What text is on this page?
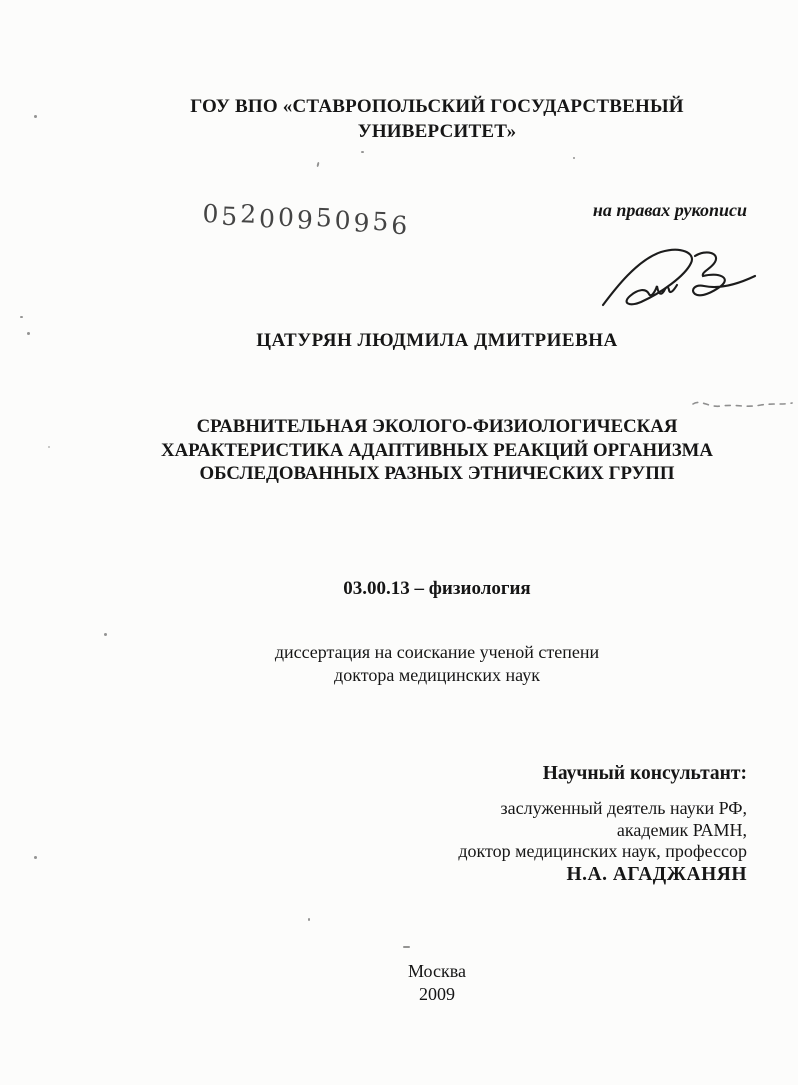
ГОУ ВПО «СТАВРОПОЛЬСКИЙ ГОСУДАРСТВЕНЫЙ
УНИВЕРСИТЕТ»
05200950956
на правах рукописи
ЦАТУРЯН ЛЮДМИЛА ДМИТРИЕВНА
СРАВНИТЕЛЬНАЯ ЭКОЛОГО-ФИЗИОЛОГИЧЕСКАЯ
ХАРАКТЕРИСТИКА АДАПТИВНЫХ РЕАКЦИЙ ОРГАНИЗМА
ОБСЛЕДОВАННЫХ РАЗНЫХ ЭТНИЧЕСКИХ ГРУПП
03.00.13 – физиология
диссертация на соискание ученой степени
доктора медицинских наук
Научный консультант:
заслуженный деятель науки РФ,
академик РАМН,
доктор медицинских наук, профессор
Н.А. АГАДЖАНЯН
Москва
2009
